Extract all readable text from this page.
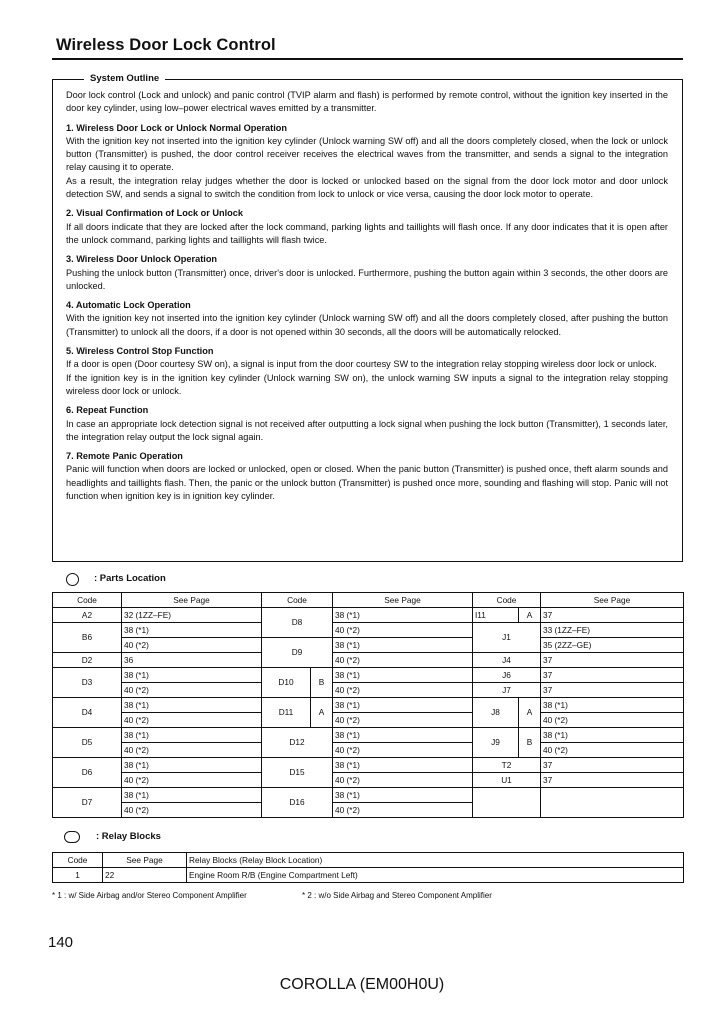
Wireless Door Lock Control
System Outline

Door lock control (Lock and unlock) and panic control (TVIP alarm and flash) is performed by remote control, without the ignition key inserted in the door key cylinder, using low–power electrical waves emitted by a transmitter.

1. Wireless Door Lock or Unlock Normal Operation

With the ignition key not inserted into the ignition key cylinder (Unlock warning SW off) and all the doors completely closed, when the lock or unlock button (Transmitter) is pushed, the door control receiver receives the electrical waves from the transmitter, and sends a signal to the integration relay causing it to operate.

As a result, the integration relay judges whether the door is locked or unlocked based on the signal from the door lock motor and door unlock detection SW, and sends a signal to switch the condition from lock to unlock or vice versa, causing the door lock motor to operate.

2. Visual Confirmation of Lock or Unlock

If all doors indicate that they are locked after the lock command, parking lights and taillights will flash once. If any door indicates that it is open after the unlock command, parking lights and taillights will flash twice.

3. Wireless Door Unlock Operation

Pushing the unlock button (Transmitter) once, driver's door is unlocked. Furthermore, pushing the button again within 3 seconds, the other doors are unlocked.

4. Automatic Lock Operation

With the ignition key not inserted into the ignition key cylinder (Unlock warning SW off) and all the doors completely closed, after pushing the button (Transmitter) to unlock all the doors, if a door is not opened within 30 seconds, all the doors will be automatically relocked.

5. Wireless Control Stop Function

If a door is open (Door courtesy SW on), a signal is input from the door courtesy SW to the integration relay stopping wireless door lock or unlock.

If the ignition key is in the ignition key cylinder (Unlock warning SW on), the unlock warning SW inputs a signal to the integration relay stopping wireless door lock or unlock.

6. Repeat Function

In case an appropriate lock detection signal is not received after outputting a lock signal when pushing the lock button (Transmitter), 1 seconds later, the integration relay output the lock signal again.

7. Remote Panic Operation

Panic will function when doors are locked or unlocked, open or closed. When the panic button (Transmitter) is pushed once, theft alarm sounds and headlights and taillights flash. Then, the panic or the unlock button (Transmitter) is pushed once more, sounding and flashing will stop. Panic will not function when ignition key is in ignition key cylinder.

: Parts Location
Code	See Page	Code		See Page	Code		See Page
A2	32 (1ZZ–FE)	D8		38 (*1)	I11	A	37
B6	38 (*1)			40 (*2)	J1		33 (1ZZ–FE)
	40 (*2)	D9		38 (*1)			35 (2ZZ–GE)
D2	36			40 (*2)	J4		37
D3	38 (*1)	D10	B	38 (*1)	J6		37
	40 (*2)			40 (*2)	J7		37
D4	38 (*1)	D11	A	38 (*1)	J8	A	38 (*1)
	40 (*2)			40 (*2)			40 (*2)
D5	38 (*1)	D12		38 (*1)	J9	B	38 (*1)
	40 (*2)			40 (*2)			40 (*2)
D6	38 (*1)	D15		38 (*1)	T2		37
	40 (*2)			40 (*2)	U1		37
D7	38 (*1)	D16		38 (*1)			
	40 (*2)			40 (*2)			
: Relay Blocks
Code	See Page	Relay Blocks (Relay Block Location)
1	22	Engine Room R/B (Engine Compartment Left)
* 1 : w/ Side Airbag and/or Stereo Component Amplifier	* 2 : w/o Side Airbag and Stereo Component Amplifier
140
COROLLA (EM00H0U)
